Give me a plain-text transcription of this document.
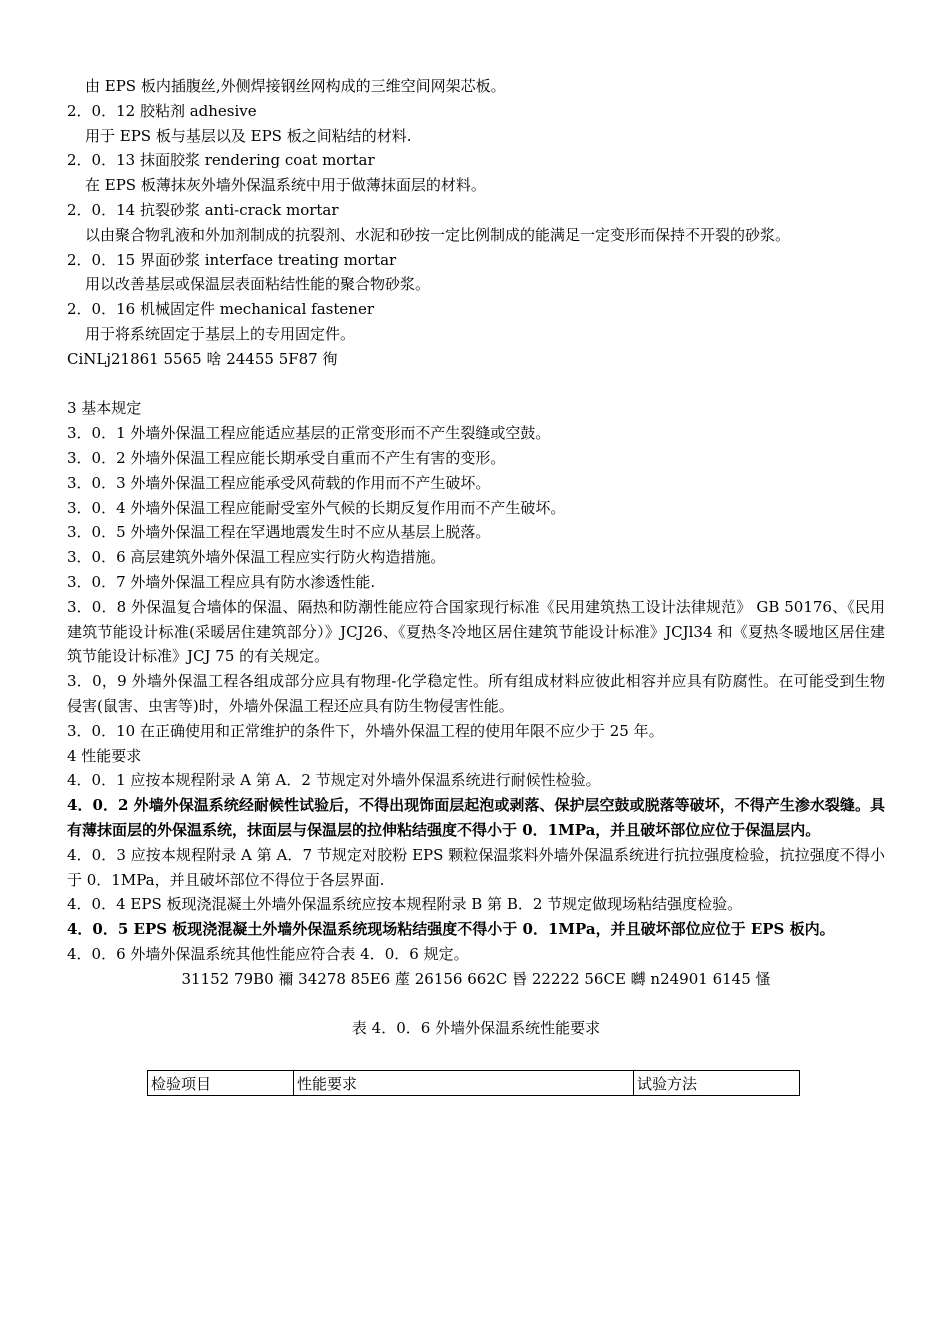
由 EPS 板内插腹丝,外侧焊接钢丝网构成的三维空间网架芯板。

2．0．12 胶粘剂 adhesive

用于 EPS 板与基层以及 EPS 板之间粘结的材料.

2．0．13 抹面胶浆 rendering coat mortar

在 EPS 板薄抹灰外墙外保温系统中用于做薄抹面层的材料。

2．0．14 抗裂砂浆 anti-crack mortar

以由聚合物乳液和外加剂制成的抗裂剂、水泥和砂按一定比例制成的能满足一定变形而保持不开裂的砂浆。

2．0．15 界面砂浆 interface treating mortar

用以改善基层或保温层表面粘结性能的聚合物砂浆。

2．0．16 机械固定件 mechanical fastener

用于将系统固定于基层上的专用固定件。

CiNLj21861 5565 啥 24455 5F87 徇

3 基本规定

3．0．1 外墙外保温工程应能适应基层的正常变形而不产生裂缝或空鼓。

3．0．2 外墙外保温工程应能长期承受自重而不产生有害的变形。

3．0．3 外墙外保温工程应能承受风荷载的作用而不产生破坏。

3．0．4 外墙外保温工程应能耐受室外气候的长期反复作用而不产生破坏。

3．0．5 外墙外保温工程在罕遇地震发生时不应从基层上脱落。

3．0．6 高层建筑外墙外保温工程应实行防火构造措施。

3．0．7 外墙外保温工程应具有防水渗透性能.

3．0．8 外保温复合墙体的保温、隔热和防潮性能应符合国家现行标准《民用建筑热工设计法律规范》 GB 50176、《民用建筑节能设计标准(采暖居住建筑部分）》JCJ26、《夏热冬冷地区居住建筑节能设计标准》JCJl34 和《夏热冬暖地区居住建筑节能设计标准》JCJ 75 的有关规定。

3．0，9 外墙外保温工程各组成部分应具有物理-化学稳定性。所有组成材料应彼此相容并应具有防腐性。在可能受到生物侵害(鼠害、虫害等)时，外墙外保温工程还应具有防生物侵害性能。

3．0．10 在正确使用和正常维护的条件下，外墙外保温工程的使用年限不应少于 25 年。

4 性能要求

4．0．1 应按本规程附录 A 第 A．2 节规定对外墙外保温系统进行耐候性检验。

4．0．2 外墙外保温系统经耐候性试验后，不得出现饰面层起泡或剥落、保护层空鼓或脱落等破坏，不得产生渗水裂缝。具有薄抹面层的外保温系统，抹面层与保温层的拉伸粘结强度不得小于 0．1MPa，并且破坏部位应位于保温层内。

4．0．3 应按本规程附录 A 第 A．7 节规定对胶粉 EPS 颗粒保温浆料外墙外保温系统进行抗拉强度检验，抗拉强度不得小于 0．1MPa，并且破坏部位不得位于各层界面.

4．0．4 EPS 板现浇混凝土外墙外保温系统应按本规程附录 B 第 B．2 节规定做现场粘结强度检验。

4．0．5 EPS 板现浇混凝土外墙外保温系统现场粘结强度不得小于 0．1MPa，并且破坏部位应位于 EPS 板内。

4．0．6 外墙外保温系统其他性能应符合表 4．0．6 规定。

31152 79B0 禰 34278 85E6 蓙 26156 662C 昬 22222 56CE 嚩 n24901 6145 慅

表 4．0．6 外墙外保温系统性能要求

检验项目	性能要求	试验方法
